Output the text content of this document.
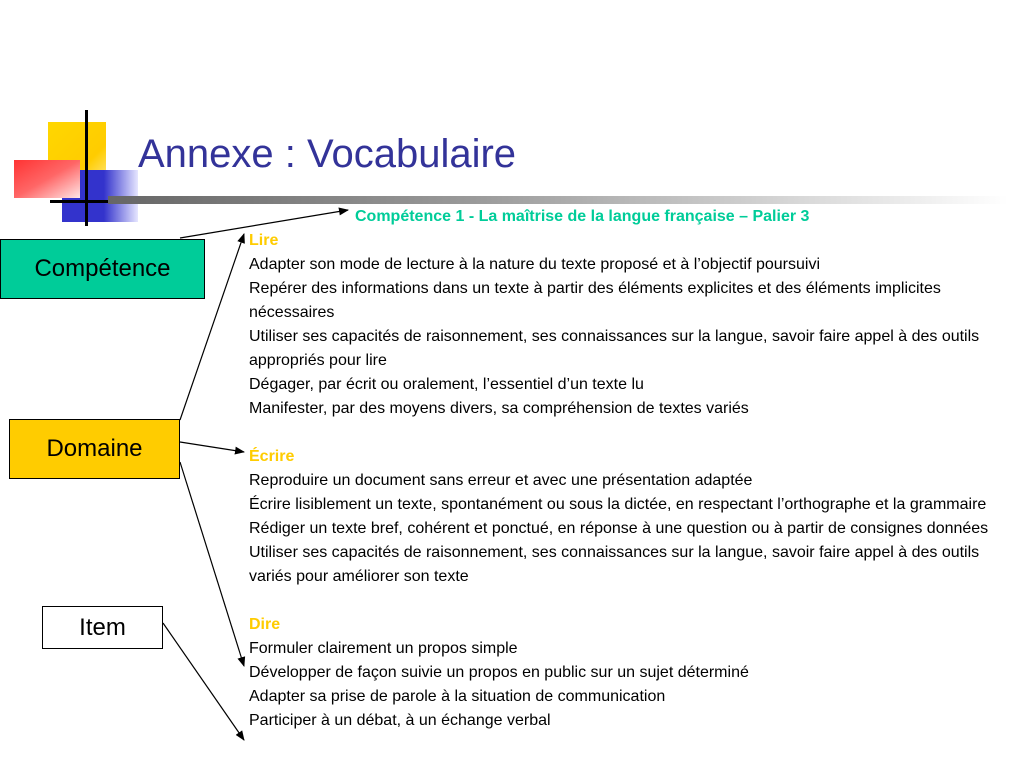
Annexe : Vocabulaire
Compétence
Domaine
Item
Compétence 1 - La maîtrise de la langue française – Palier 3
Lire
Adapter son mode de lecture à la nature du texte proposé et à l’objectif poursuivi
Repérer des informations dans un texte à partir des éléments explicites et des éléments implicites nécessaires
Utiliser ses capacités de raisonnement, ses connaissances sur la langue, savoir faire appel à des outils appropriés pour lire
Dégager, par écrit ou oralement, l’essentiel d’un texte lu
Manifester, par des moyens divers, sa compréhension de textes variés
Écrire
Reproduire un document sans erreur et avec une présentation adaptée
Écrire lisiblement un texte, spontanément ou sous la dictée, en respectant l’orthographe et la grammaire
Rédiger un texte bref, cohérent et ponctué, en réponse à une question ou à partir de consignes données
Utiliser ses capacités de raisonnement, ses connaissances sur la langue, savoir faire appel à des outils variés pour améliorer son texte
Dire
Formuler clairement un propos simple
Développer de façon suivie un propos en public sur un sujet déterminé
Adapter sa prise de parole à la situation de communication
Participer à un débat, à un échange verbal
